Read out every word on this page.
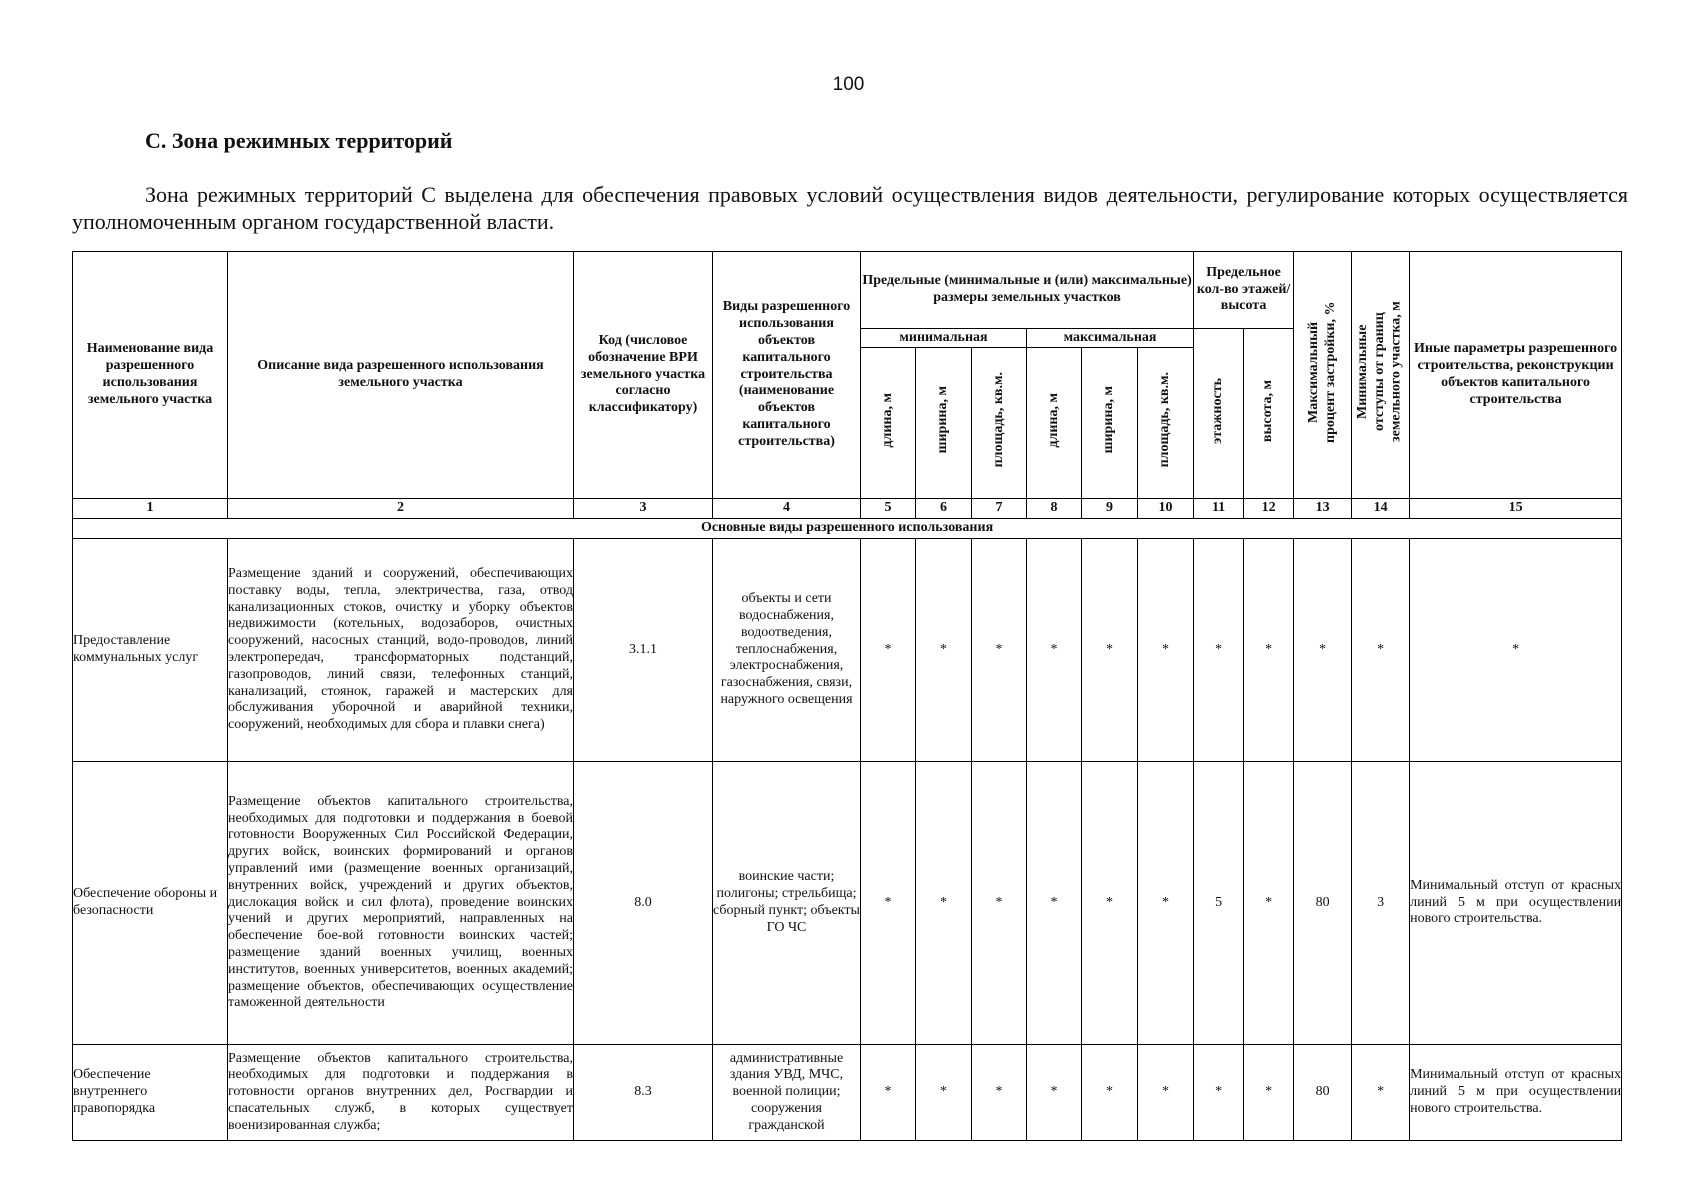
100
С. Зона режимных территорий

Зона режимных территорий С выделена для обеспечения правовых условий осуществления видов деятельности, регулирование которых осуществляется уполномоченным органом государственной власти.

Наименование вида разрешенного использования земельного участка	Описание вида разрешенного использования земельного участка	Код (числовое обозначение ВРИ земельного участка согласно классификатору)	Виды разрешенного использования объектов капитального строительства (наименование объектов капитального строительства)	Предельные (минимальные и (или) максимальные) размеры земельных участков						Предельное кол-во этажей/ высота		Максимальный процент застройки, %	Минимальные отступы от границ земельного участка, м	Иные параметры разрешенного строительства, реконструкции объектов капитального строительства
				минимальная			максимальная			этажность	высота, м			
				длина, м	ширина, м	площадь, кв.м.	длина, м	ширина, м	площадь, кв.м.					
1	2	3	4	5	6	7	8	9	10	11	12	13	14	15
Основные виды разрешенного использования														
Предоставление коммунальных услуг	Размещение зданий и сооружений, обеспечивающих поставку воды, тепла, электричества, газа, отвод канализационных стоков, очистку и уборку объектов недвижимости (котельных, водозаборов, очистных сооружений, насосных станций, водо-проводов, линий электропередач, трансформаторных подстанций, газопроводов, линий связи, телефонных станций, канализаций, стоянок, гаражей и мастерских для обслуживания уборочной и аварийной техники, сооружений, необходимых для сбора и плавки снега)	3.1.1	объекты и сети водоснабжения, водоотведения, теплоснабжения, электроснабжения, газоснабжения, связи, наружного освещения	*	*	*	*	*	*	*	*	*	*	*
Обеспечение обороны и безопасности	Размещение объектов капитального строительства, необходимых для подготовки и поддержания в боевой готовности Вооруженных Сил Российской Федерации, других войск, воинских формирований и органов управлений ими (размещение военных организаций, внутренних войск, учреждений и других объектов, дислокация войск и сил флота), проведение воинских учений и других мероприятий, направленных на обеспечение бое-вой готовности воинских частей; размещение зданий военных училищ, военных институтов, военных университетов, военных академий; размещение объектов, обеспечивающих осуществление таможенной деятельности	8.0	воинские части; полигоны; стрельбища; сборный пункт; объекты ГО ЧС	*	*	*	*	*	*	5	*	80	3	Минимальный отступ от красных линий 5 м при осуществлении нового строительства.
Обеспечение внутреннего правопорядка	Размещение объектов капитального строительства, необходимых для подготовки и поддержания в готовности органов внутренних дел, Росгвардии и спасательных служб, в которых существует военизированная служба;	8.3	административные здания УВД, МЧС, военной полиции; сооружения гражданской	*	*	*	*	*	*	*	*	80	*	Минимальный отступ от красных линий 5 м при осуществлении нового строительства.
